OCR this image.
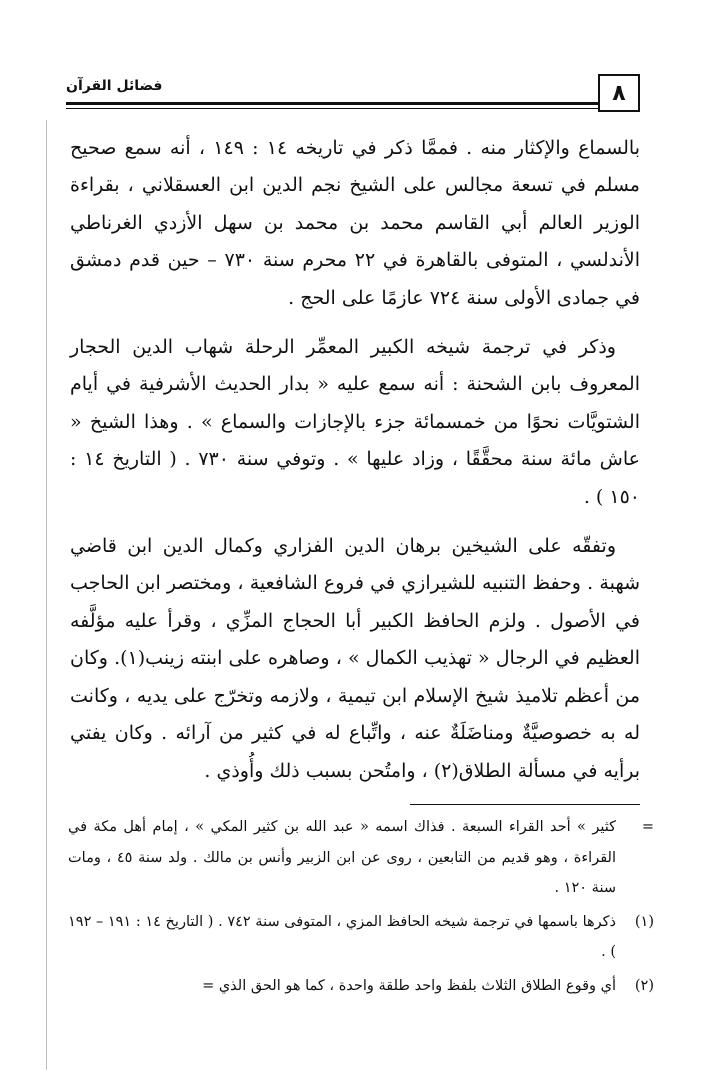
٨
فضائل القرآن

بالسماع والإكثار منه . فممَّا ذكر في تاريخه ١٤ : ١٤٩ ، أنه سمع صحيح مسلم في تسعة مجالس على الشيخ نجم الدين ابن العسقلاني ، بقراءة الوزير العالم أبي القاسم محمد بن محمد بن سهل الأزدي الغرناطي الأندلسي ، المتوفى بالقاهرة في ٢٢ محرم سنة ٧٣٠ – حين قدم دمشق في جمادى الأولى سنة ٧٢٤ عازمًا على الحج .

وذكر في ترجمة شيخه الكبير المعمِّر الرحلة شهاب الدين الحجار المعروف بابن الشحنة : أنه سمع عليه « بدار الحديث الأشرفية في أيام الشتويَّات نحوًا من خمسمائة جزء بالإجازات والسماع » . وهذا الشيخ « عاش مائة سنة محقَّقًا ، وزاد عليها » . وتوفي سنة ٧٣٠ . ( التاريخ ١٤ : ١٥٠ ) .

وتفقّه على الشيخين برهان الدين الفزاري وكمال الدين ابن قاضي شهبة . وحفظ التنبيه للشيرازي في فروع الشافعية ، ومختصر ابن الحاجب في الأصول . ولزم الحافظ الكبير أبا الحجاج المزِّي ، وقرأ عليه مؤلَّفه العظيم في الرجال « تهذيب الكمال » ، وصاهره على ابنته زينب(١). وكان من أعظم تلاميذ شيخ الإسلام ابن تيمية ، ولازمه وتخرّج على يديه ، وكانت له به خصوصيَّةٌ ومناضَلَةٌ عنه ، واتِّباع له في كثير من آرائه . وكان يفتي برأيه في مسألة الطلاق(٢) ، وامتُحن بسبب ذلك وأُوذي .

=
كثير » أحد القراء السبعة . فذاك اسمه « عبد الله بن كثير المكي » ، إمام أهل مكة في القراءة ، وهو قديم من التابعين ، روى عن ابن الزبير وأنس بن مالك . ولد سنة ٤٥ ، ومات سنة ١٢٠ .
(١)
ذكرها باسمها في ترجمة شيخه الحافظ المزي ، المتوفى سنة ٧٤٢ . ( التاريخ ١٤ : ١٩١ – ١٩٢ ) .
(٢)
أي وقوع الطلاق الثلاث بلفظ واحد طلقة واحدة ، كما هو الحق الذي =
